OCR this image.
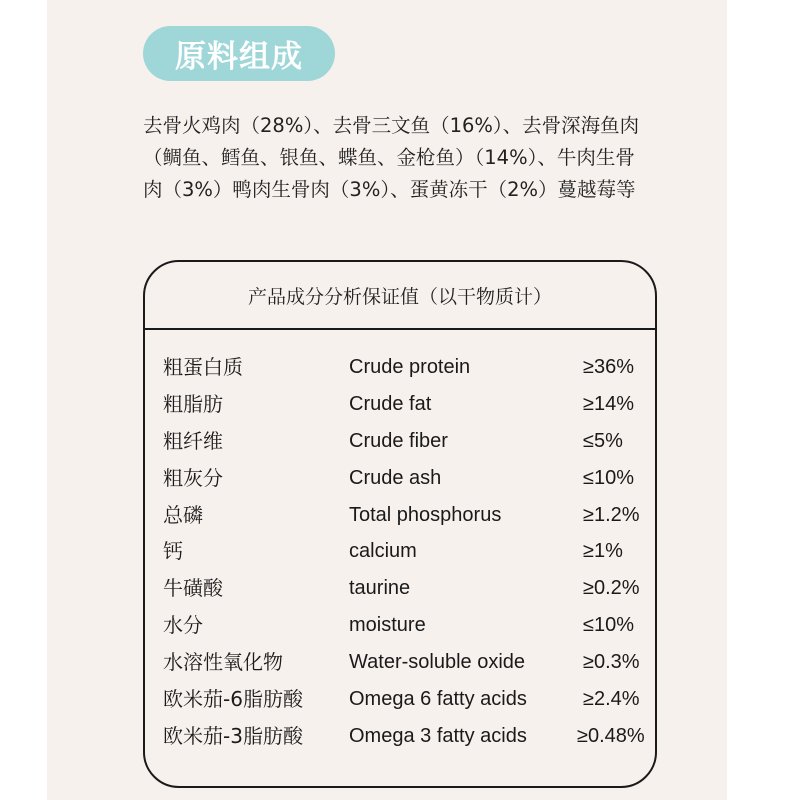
原料组成
去骨火鸡肉（28%）、去骨三文鱼（16%）、去骨深海鱼肉
（鲷鱼、鳕鱼、银鱼、蝶鱼、金枪鱼）（14%）、牛肉生骨
肉（3%）鸭肉生骨肉（3%）、蛋黄冻干（2%）蔓越莓等
产品成分分析保证值（以干物质计）
粗蛋白质	Crude protein	≥36%
粗脂肪	Crude fat	≥14%
粗纤维	Crude fiber	≤5%
粗灰分	Crude ash	≤10%
总磷	Total phosphorus	≥1.2%
钙	calcium	≥1%
牛磺酸	taurine	≥0.2%
水分	moisture	≤10%
水溶性氧化物	Water-soluble oxide	≥0.3%
欧米茄-6脂肪酸 Omega 6 fatty acids	≥2.4%
欧米茄-3脂肪酸 Omega 3 fatty acids	≥0.48%
